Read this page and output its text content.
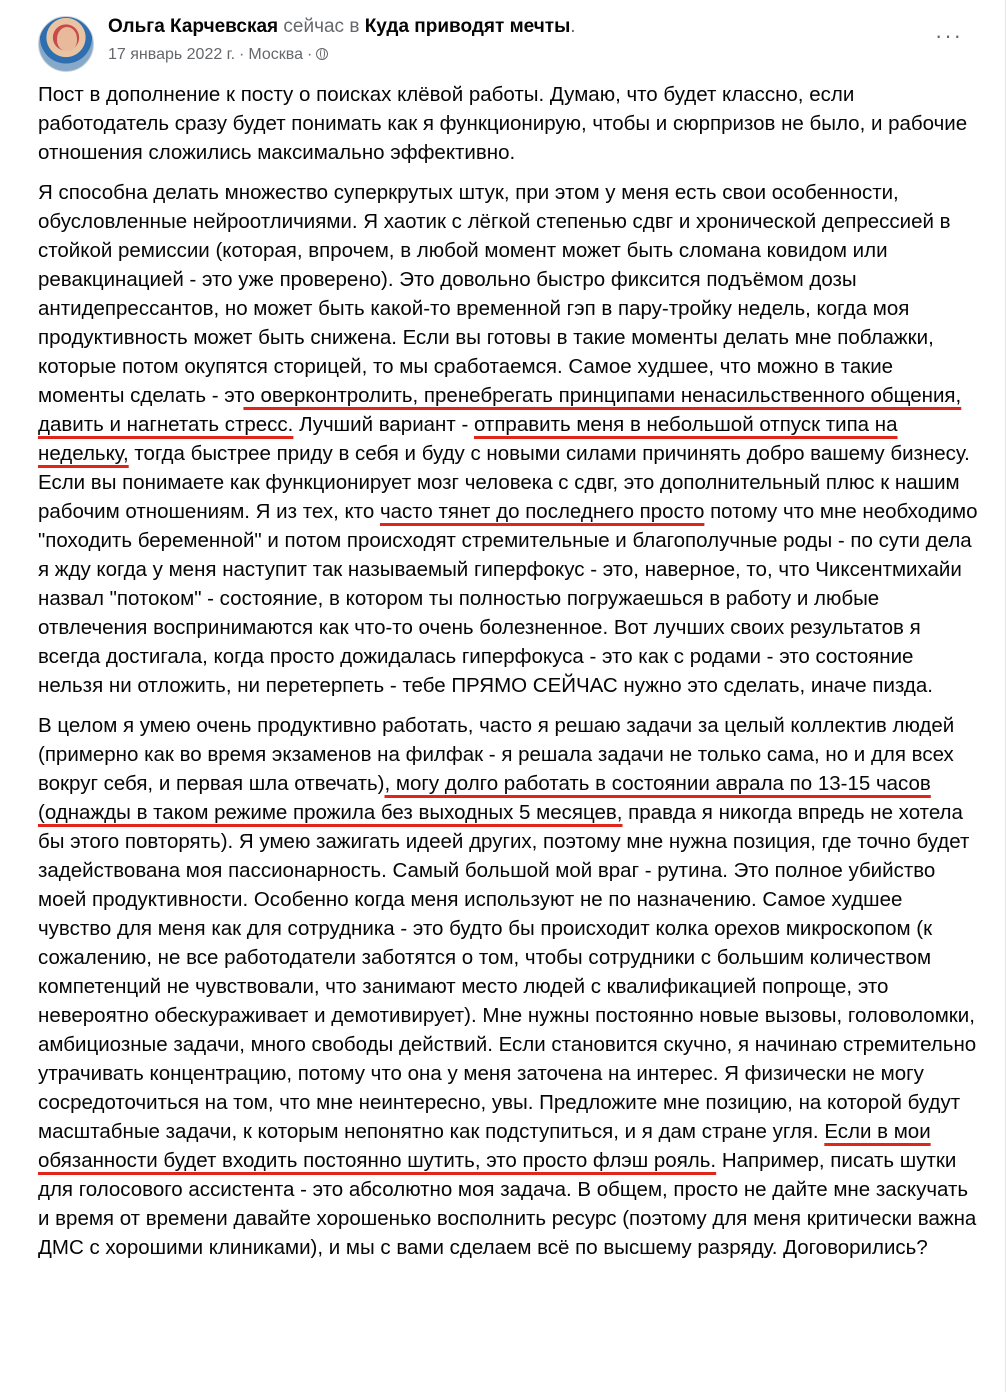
Ольга Карчевская сейчас в Куда приводят мечты.
17 январь 2022 г. · Москва ·
···

Пост в дополнение к посту о поисках клёвой работы. Думаю, что будет классно, если работодатель сразу будет понимать как я функционирую, чтобы и сюрпризов не было, и рабочие отношения сложились максимально эффективно.

Я способна делать множество суперкрутых штук, при этом у меня есть свои особенности, обусловленные нейроотличиями. Я хаотик с лёгкой степенью сдвг и хронической депрессией в стойкой ремиссии (которая, впрочем, в любой момент может быть сломана ковидом или ревакцинацией - это уже проверено). Это довольно быстро фиксится подъёмом дозы антидепрессантов, но может быть какой-то временной гэп в пару-тройку недель, когда моя продуктивность может быть снижена. Если вы готовы в такие моменты делать мне поблажки, которые потом окупятся сторицей, то мы сработаемся. Самое худшее, что можно в такие моменты сделать - это оверконтролить, пренебрегать принципами ненасильственного общения, давить и нагнетать стресс. Лучший вариант - отправить меня в небольшой отпуск типа на недельку, тогда быстрее приду в себя и буду с новыми силами причинять добро вашему бизнесу. Если вы понимаете как функционирует мозг человека с сдвг, это дополнительный плюс к нашим рабочим отношениям. Я из тех, кто часто тянет до последнего просто потому что мне необходимо "походить беременной" и потом происходят стремительные и благополучные роды - по сути дела я жду когда у меня наступит так называемый гиперфокус - это, наверное, то, что Чиксентмихайи назвал "потоком" - состояние, в котором ты полностью погружаешься в работу и любые отвлечения воспринимаются как что-то очень болезненное. Вот лучших своих результатов я всегда достигала, когда просто дожидалась гиперфокуса - это как с родами - это состояние нельзя ни отложить, ни перетерпеть - тебе ПРЯМО СЕЙЧАС нужно это сделать, иначе пизда.

В целом я умею очень продуктивно работать, часто я решаю задачи за целый коллектив людей (примерно как во время экзаменов на филфак - я решала задачи не только сама, но и для всех вокруг себя, и первая шла отвечать), могу долго работать в состоянии аврала по 13-15 часов (однажды в таком режиме прожила без выходных 5 месяцев, правда я никогда впредь не хотела бы этого повторять). Я умею зажигать идеей других, поэтому мне нужна позиция, где точно будет задействована моя пассионарность. Самый большой мой враг - рутина. Это полное убийство моей продуктивности. Особенно когда меня используют не по назначению. Самое худшее чувство для меня как для сотрудника - это будто бы происходит колка орехов микроскопом (к сожалению, не все работодатели заботятся о том, чтобы сотрудники с большим количеством компетенций не чувствовали, что занимают место людей с квалификацией попроще, это невероятно обескураживает и демотивирует). Мне нужны постоянно новые вызовы, головоломки, амбициозные задачи, много свободы действий. Если становится скучно, я начинаю стремительно утрачивать концентрацию, потому что она у меня заточена на интерес. Я физически не могу сосредоточиться на том, что мне неинтересно, увы. Предложите мне позицию, на которой будут масштабные задачи, к которым непонятно как подступиться, и я дам стране угля. Если в мои обязанности будет входить постоянно шутить, это просто флэш рояль. Например, писать шутки для голосового ассистента - это абсолютно моя задача. В общем, просто не дайте мне заскучать и время от времени давайте хорошенько восполнить ресурс (поэтому для меня критически важна ДМС с хорошими клиниками), и мы с вами сделаем всё по высшему разряду. Договорились?
